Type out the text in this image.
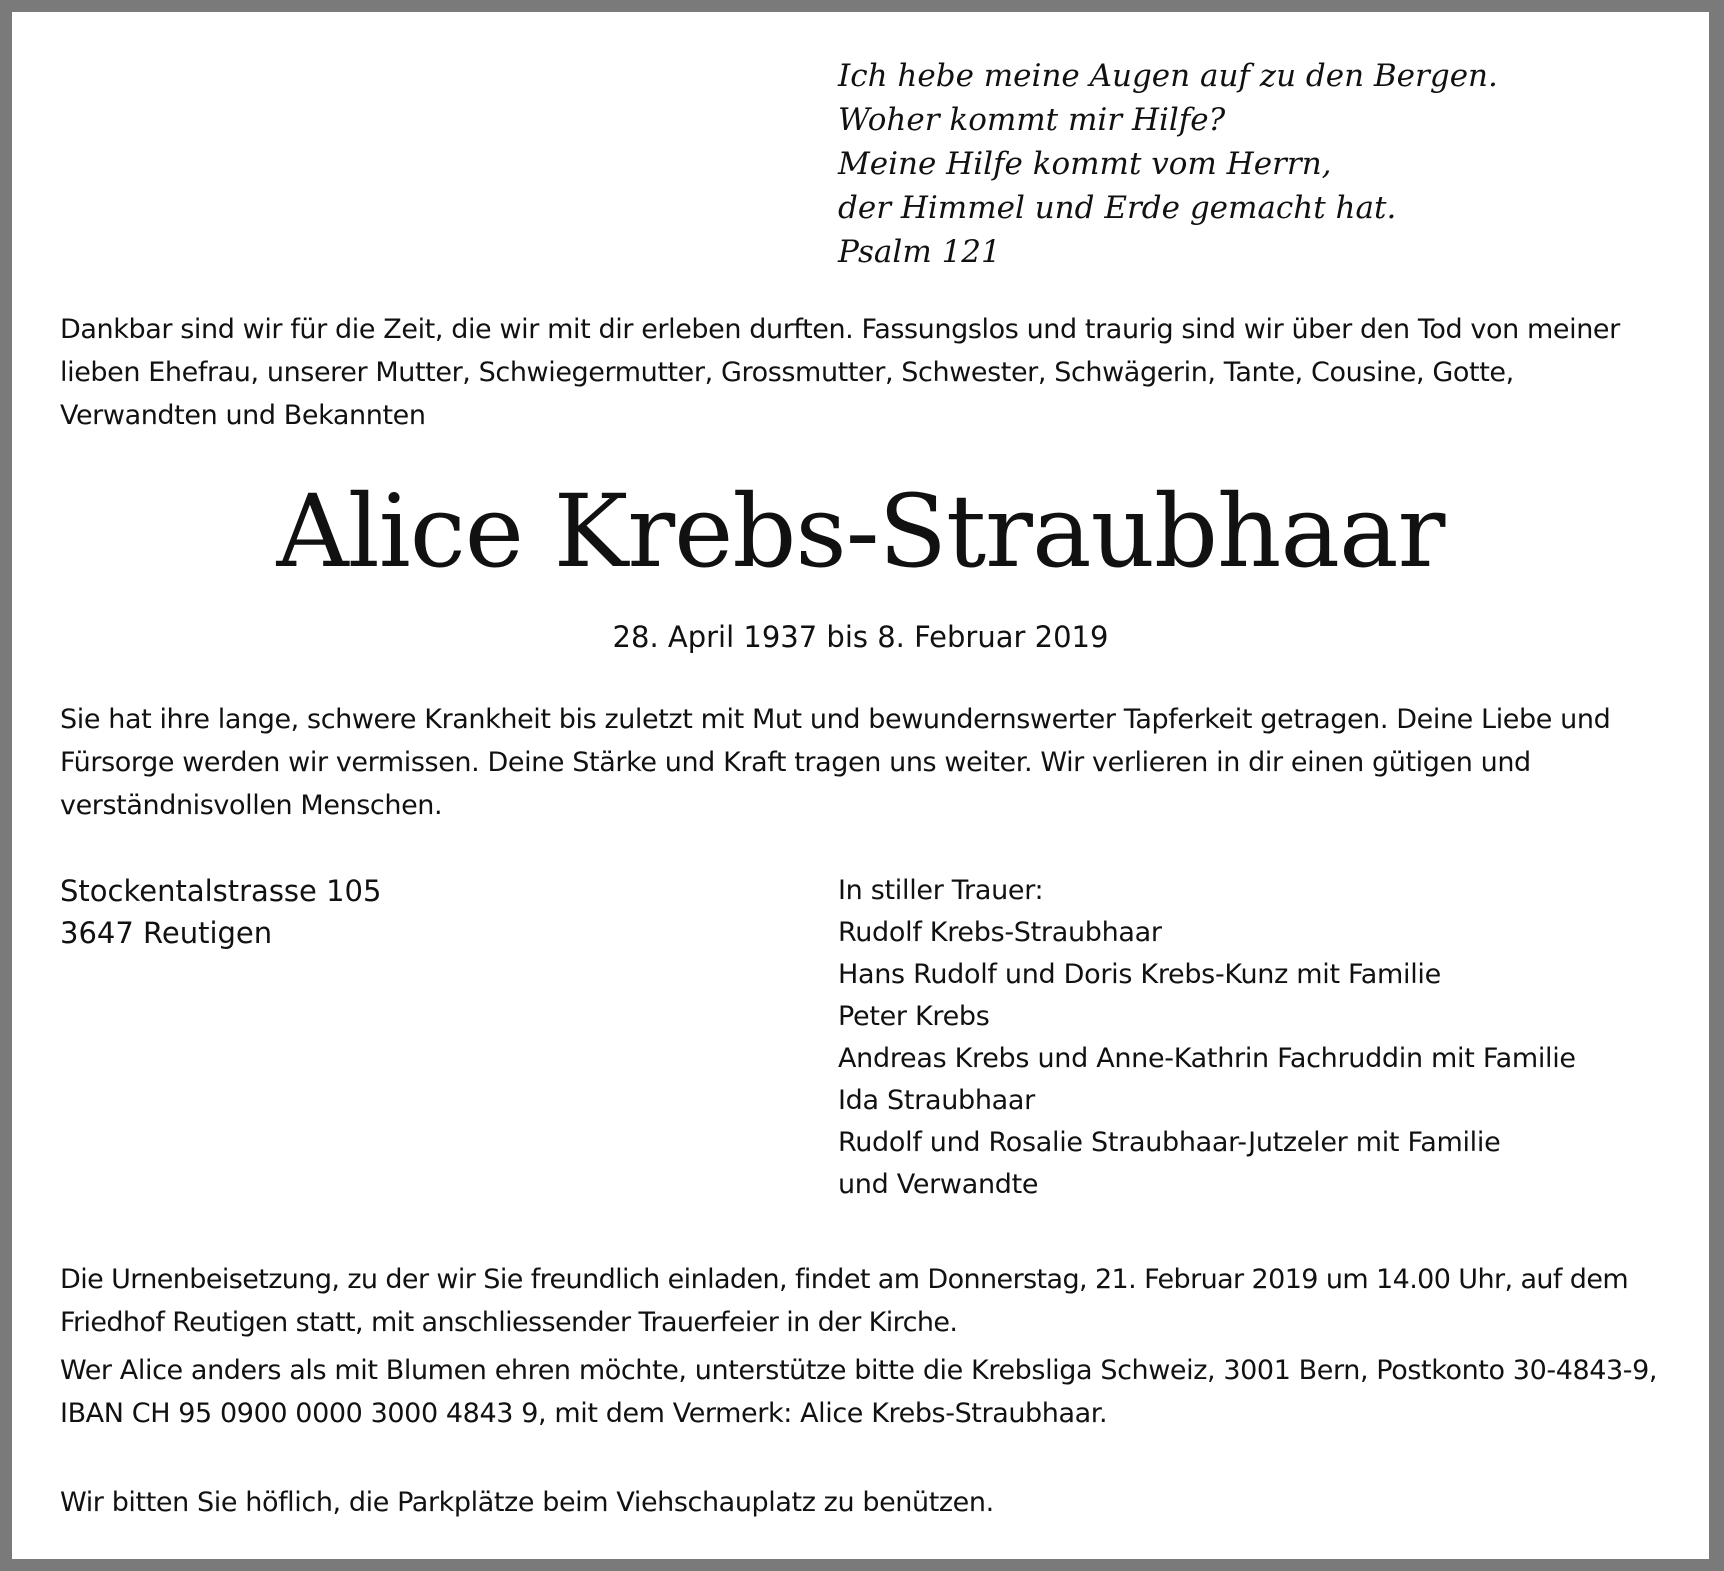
Ich hebe meine Augen auf zu den Bergen.

Woher kommt mir Hilfe?

Meine Hilfe kommt vom Herrn,

der Himmel und Erde gemacht hat.

Psalm 121

Dankbar sind wir für die Zeit, die wir mit dir erleben durften. Fassungslos und traurig sind wir über den Tod von meiner lieben Ehefrau, unserer Mutter, Schwiegermutter, Grossmutter, Schwester, Schwägerin, Tante, Cousine, Gotte, Verwandten und Bekannten

Alice Krebs-Straubhaar

28. April 1937 bis 8. Februar 2019

Sie hat ihre lange, schwere Krankheit bis zuletzt mit Mut und bewundernswerter Tapferkeit getragen. Deine Liebe und Fürsorge werden wir vermissen. Deine Stärke und Kraft tragen uns weiter. Wir verlieren in dir einen gütigen und verständnisvollen Menschen.

Stockentalstrasse 105

3647 Reutigen

In stiller Trauer:

Rudolf Krebs-Straubhaar

Hans Rudolf und Doris Krebs-Kunz mit Familie

Peter Krebs

Andreas Krebs und Anne-Kathrin Fachruddin mit Familie

Ida Straubhaar

Rudolf und Rosalie Straubhaar-Jutzeler mit Familie

und Verwandte

Die Urnenbeisetzung, zu der wir Sie freundlich einladen, findet am Donnerstag, 21. Februar 2019 um 14.00 Uhr, auf dem Friedhof Reutigen statt, mit anschliessender Trauerfeier in der Kirche.

Wer Alice anders als mit Blumen ehren möchte, unterstütze bitte die Krebsliga Schweiz, 3001 Bern, Postkonto 30-4843-9, IBAN CH 95 0900 0000 3000 4843 9, mit dem Vermerk: Alice Krebs-Straubhaar.

Wir bitten Sie höflich, die Parkplätze beim Viehschauplatz zu benützen.
